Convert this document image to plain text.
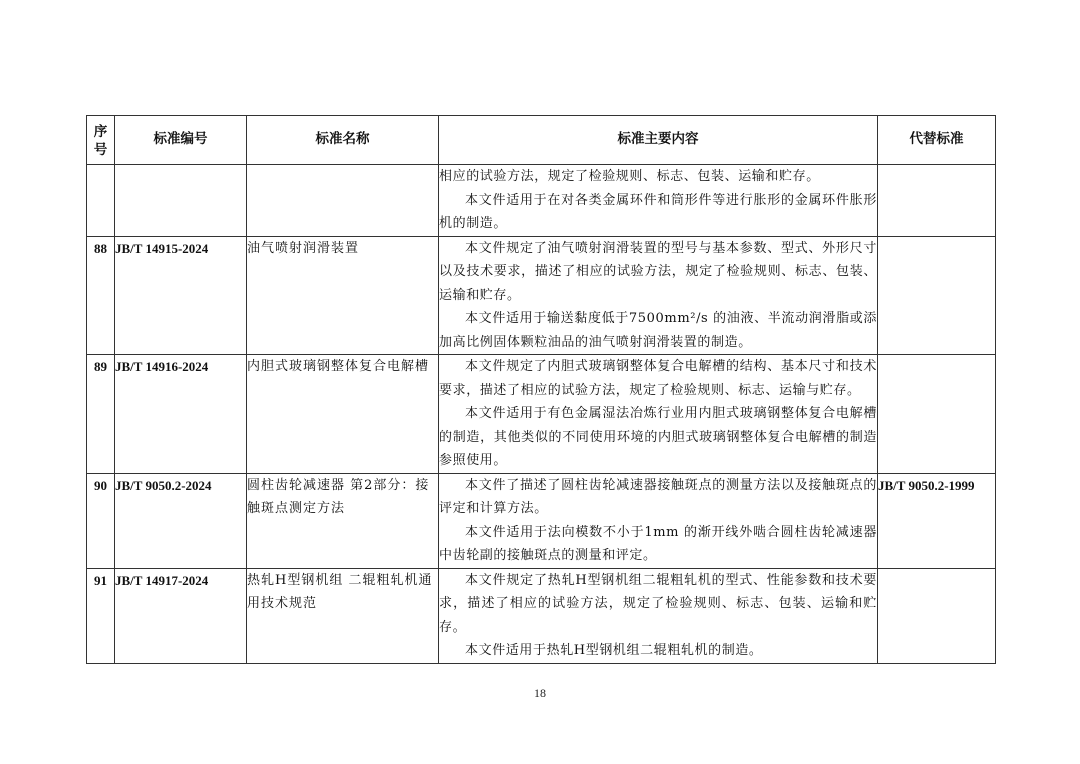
序
号	标准编号	标准名称	标准主要内容	代替标准

			相应的试验方法，规定了检验规则、标志、包装、运输和贮存。

本文件适用于在对各类金属环件和筒形件等进行胀形的金属环件胀形机的制造。	

88	JB/T 14915-2024	油气喷射润滑装置	本文件规定了油气喷射润滑装置的型号与基本参数、型式、外形尺寸以及技术要求，描述了相应的试验方法，规定了检验规则、标志、包装、运输和贮存。

本文件适用于输送黏度低于7500mm²/s 的油液、半流动润滑脂或添加高比例固体颗粒油品的油气喷射润滑装置的制造。	

89	JB/T 14916-2024	内胆式玻璃钢整体复合电解槽	本文件规定了内胆式玻璃钢整体复合电解槽的结构、基本尺寸和技术要求，描述了相应的试验方法，规定了检验规则、标志、运输与贮存。

本文件适用于有色金属湿法冶炼行业用内胆式玻璃钢整体复合电解槽的制造，其他类似的不同使用环境的内胆式玻璃钢整体复合电解槽的制造参照使用。	

90	JB/T 9050.2-2024	圆柱齿轮减速器 第2部分：接触斑点测定方法	本文件了描述了圆柱齿轮减速器接触斑点的测量方法以及接触斑点的评定和计算方法。

本文件适用于法向模数不小于1mm 的渐开线外啮合圆柱齿轮减速器中齿轮副的接触斑点的测量和评定。	JB/T 9050.2-1999
91	JB/T 14917-2024	热轧H型钢机组 二辊粗轧机通用技术规范	本文件规定了热轧H型钢机组二辊粗轧机的型式、性能参数和技术要求，描述了相应的试验方法，规定了检验规则、标志、包装、运输和贮存。

本文件适用于热轧H型钢机组二辊粗轧机的制造。	

18
